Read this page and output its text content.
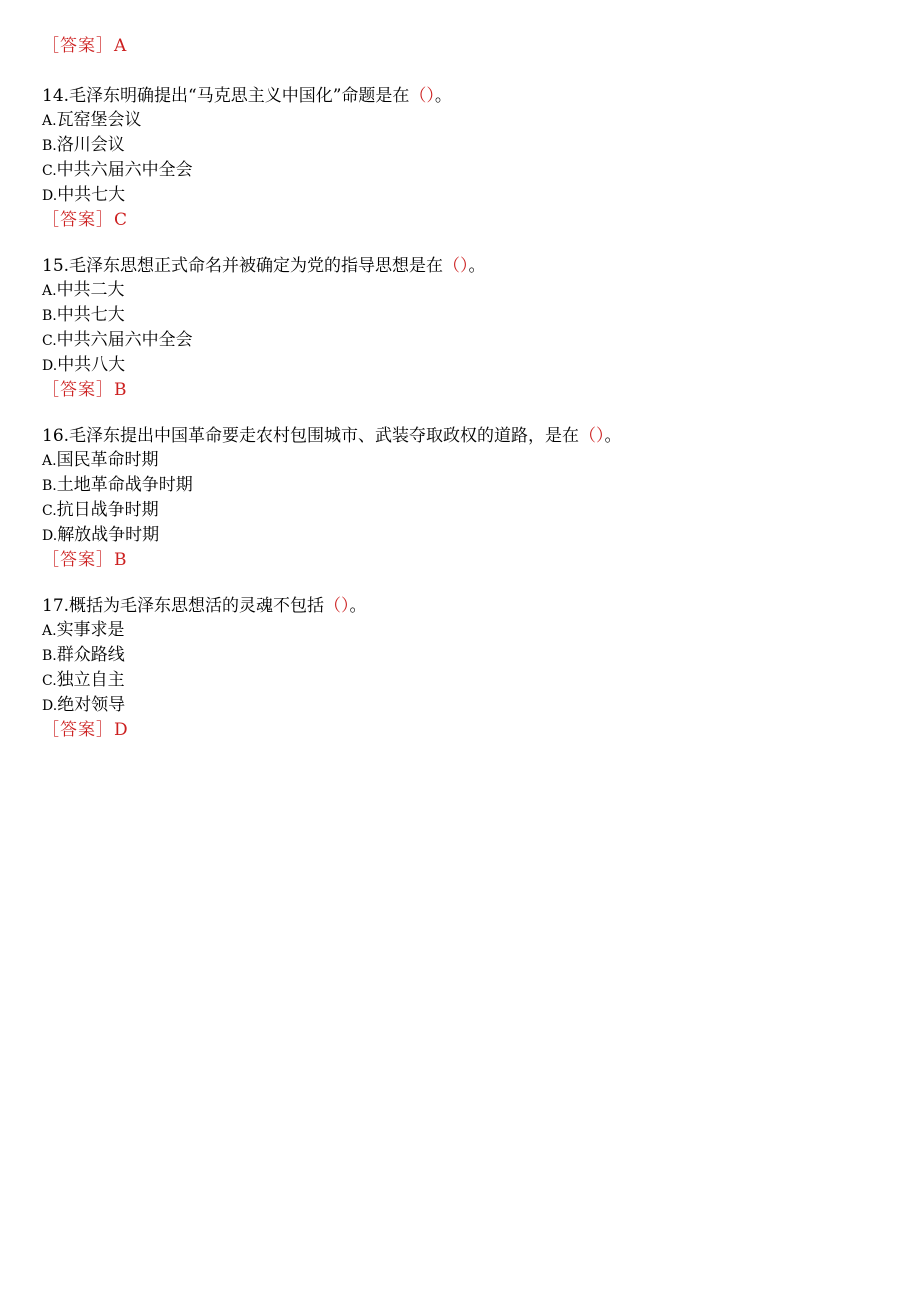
［答案］A
14.毛泽东明确提出“马克思主义中国化”命题是在（）。
A.瓦窑堡会议
B.洛川会议
C.中共六届六中全会
D.中共七大
［答案］C
15.毛泽东思想正式命名并被确定为党的指导思想是在（）。
A.中共二大
B.中共七大
C.中共六届六中全会
D.中共八大
［答案］B
16.毛泽东提出中国革命要走农村包围城市、武装夺取政权的道路，是在（）。
A.国民革命时期
B.土地革命战争时期
C.抗日战争时期
D.解放战争时期
［答案］B
17.概括为毛泽东思想活的灵魂不包括（）。
A.实事求是
B.群众路线
C.独立自主
D.绝对领导
［答案］D
